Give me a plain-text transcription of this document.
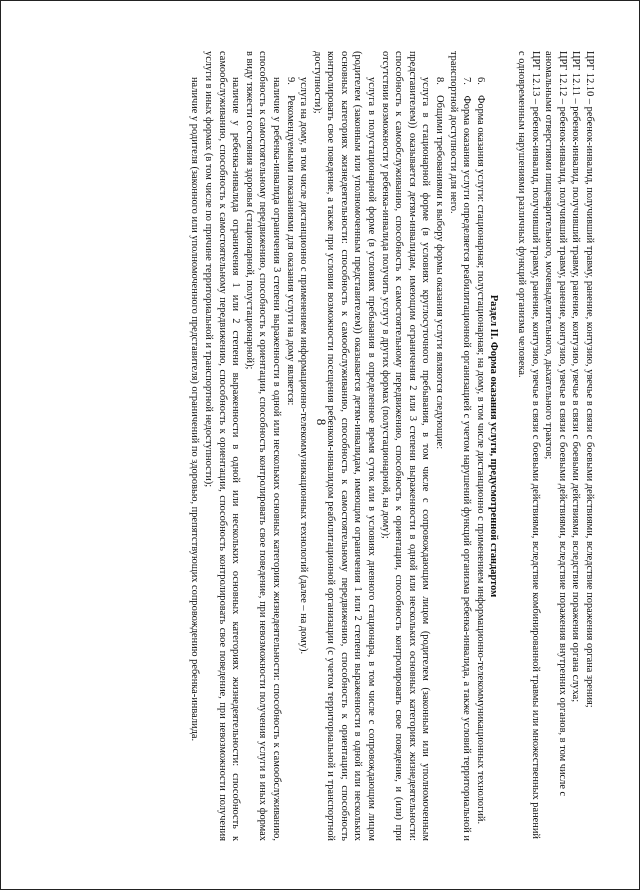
8	ЦРГ 12.10 – ребенок-инвалид, получивший травму, ранение, контузию, увечье в связи с боевыми действиями, вследствие поражения органа зрения;

ЦРГ 12.11 – ребенок-инвалид, получивший травму, ранение, контузию, увечье в связи с боевыми действиями, вследствие поражения органа слуха;

ЦРГ 12.12 – ребенок-инвалид, получивший травму, ранение, контузию, увечье в связи с боевыми действиями, вследствие поражения внутренних органов, в том числе с аномальными отверстиями пищеварительного, мочевыделительного, дыхательного трактов;

ЦРГ 12.13 – ребенок-инвалид, получивший травму, ранение, контузию, увечье в связи с боевыми действиями, вследствие комбинированной травмы или множественных ранений с одновременным нарушениями различных функций организма человека.

Раздел II. Форма оказания услуги, предусмотренной стандартом

6.    Форма оказания услуги: стационарная; полустационарная; на дому, в том числе дистанционно с применением информационно-телекоммуникационных технологий.

7.    Форма оказания услуги определяется реабилитационной организацией с учетом нарушений функций организма ребенка-инвалида, а также условий территориальной и транспортной доступности для него.

8.    Общими требованиями к выбору формы оказания услуги являются следующие:

услуга в стационарной форме (в условиях круглосуточного пребывания, в том числе с сопровождающим лицом (родителем (законным или уполномоченным представителем)) оказывается детям-инвалидам, имеющим ограничения 2 или 3 степени выраженности в одной или нескольких основных категориях жизнедеятельности: способность к самообслуживанию, способность к самостоятельному передвижению, способность к ориентации, способность контролировать свое поведение, и (или) при отсутствии возможности у ребенка-инвалида получить услугу в других формах (полустационарной, на дому);

услуга в полустационарной форме (в условиях пребывания в определенное время суток или в условиях дневного стационара, в том числе с сопровождающим лицом (родителем (законным или уполномоченным представителем)) оказывается детям-инвалидам, имеющим ограничения 1 или 2 степени выраженности в одной или нескольких основных категориях жизнедеятельности: способность к самообслуживанию, способность к самостоятельному передвижению, способность к ориентации; способность контролировать свое поведение, а также при условии возможности посещения ребенком-инвалидом реабилитационной организации (с учетом территориальной и транспортной доступности);

услуга на дому, в том числе дистанционно с применением информационно-телекоммуникационных технологий (далее – на дому).

9.    Рекомендуемыми показаниями для оказания услуги на дому является:

наличие у ребенка-инвалида ограничения 3 степени выраженности в одной или нескольких основных категориях жизнедеятельности: способность к самообслуживанию, способность к самостоятельному передвижению, способность к ориентации, способность контролировать свое поведение, при невозможности получения услуги в иных формах в виду тяжести состояния здоровья (стационарной, полустационарной);

наличие у ребенка-инвалида ограничения 1 или 2 степени выраженности в одной или нескольких основных категориях жизнедеятельности: способность к самообслуживанию, способность к самостоятельному передвижению, способность к ориентации, способность контролировать свое поведение, при невозможности получения услуги в иных формах (в том числе по причине территориальной и транспортной недоступности);

наличие у родителя (законного или уполномоченного представителя) ограничений по здоровью, препятствующих сопровождению ребенка-инвалида.
